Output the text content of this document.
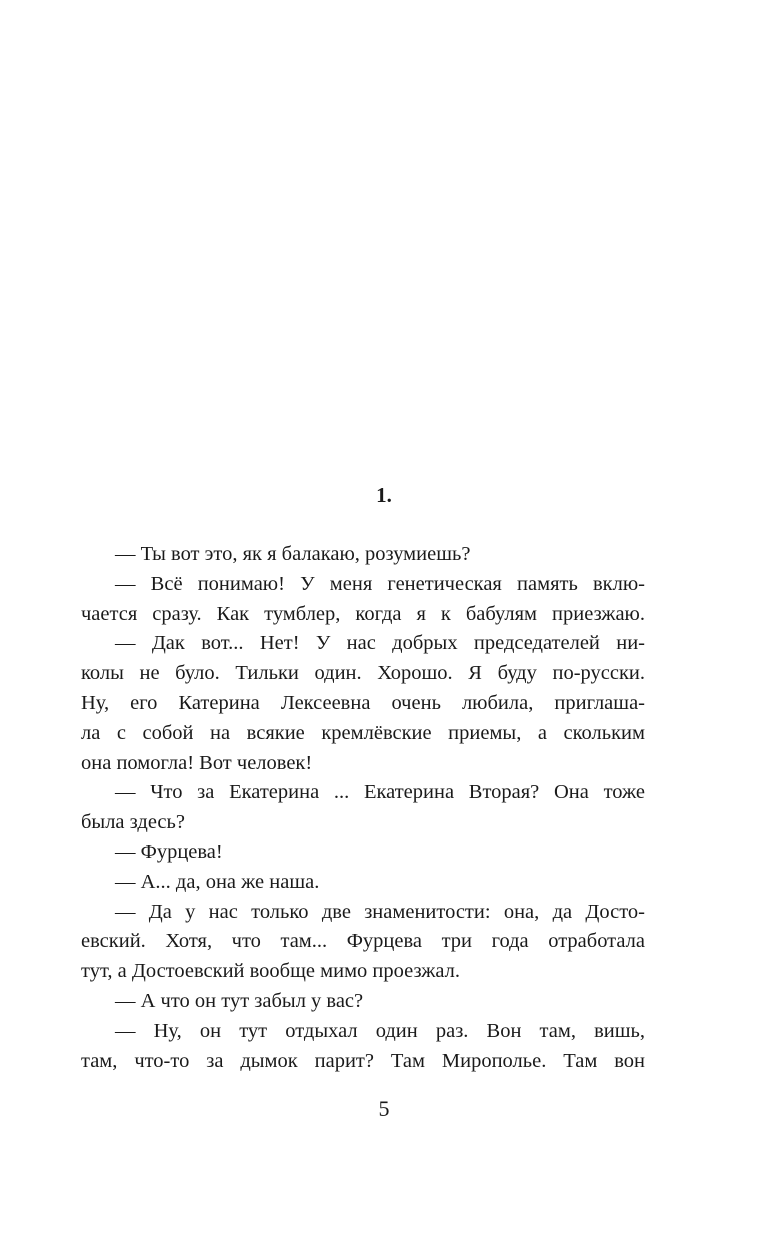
1.
— Ты вот это, як я балакаю, розумиешь?
— Всё понимаю! У меня генетическая память вклю-
чается сразу. Как тумблер, когда я к бабулям приезжаю.
— Дак вот... Нет! У нас добрых председателей ни-
колы не було. Тильки один. Хорошо. Я буду по-русски.
Ну, его Катерина Лексеевна очень любила, приглаша-
ла с собой на всякие кремлёвские приемы, а скольким
она помогла! Вот человек!
— Что за Екатерина ... Екатерина Вторая? Она тоже
была здесь?
— Фурцева!
— А... да, она же наша.
— Да у нас только две знаменитости: она, да Досто-
евский. Хотя, что там... Фурцева три года отработала
тут, а Достоевский вообще мимо проезжал.
— А что он тут забыл у вас?
— Ну, он тут отдыхал один раз. Вон там, вишь,
там, что-то за дымок парит? Там Мирополье. Там вон
5
